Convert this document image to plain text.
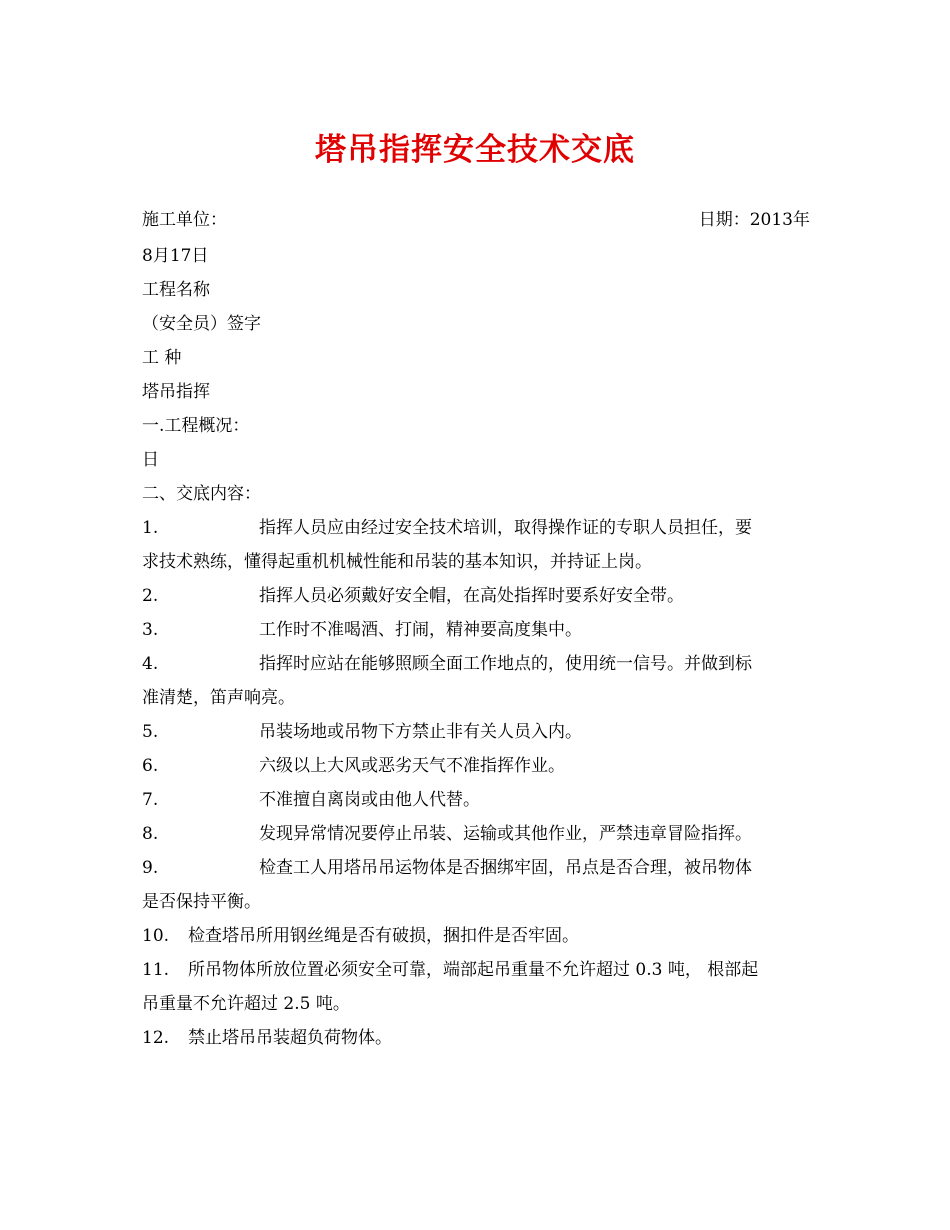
塔吊指挥安全技术交底
施工单位：	日期：2013年
8月17日
工程名称
（安全员）签字
工 种
塔吊指挥
一.工程概况：
日
二、交底内容：
1.	指挥人员应由经过安全技术培训，取得操作证的专职人员担任，要
求技术熟练，懂得起重机机械性能和吊装的基本知识，并持证上岗。
2.	指挥人员必须戴好安全帽，在高处指挥时要系好安全带。
3.	工作时不准喝酒、打闹，精神要高度集中。
4.	指挥时应站在能够照顾全面工作地点的，使用统一信号。并做到标
准清楚，笛声响亮。
5.	吊装场地或吊物下方禁止非有关人员入内。
6.	六级以上大风或恶劣天气不准指挥作业。
7.	不准擅自离岗或由他人代替。
8.	发现异常情况要停止吊装、运输或其他作业，严禁违章冒险指挥。
9.	检查工人用塔吊吊运物体是否捆绑牢固，吊点是否合理，被吊物体
是否保持平衡。
10. 检查塔吊所用钢丝绳是否有破损，捆扣件是否牢固。
11. 所吊物体所放位置必须安全可靠，端部起吊重量不允许超过 0.3 吨， 根部起
吊重量不允许超过 2.5 吨。
12. 禁止塔吊吊装超负荷物体。
